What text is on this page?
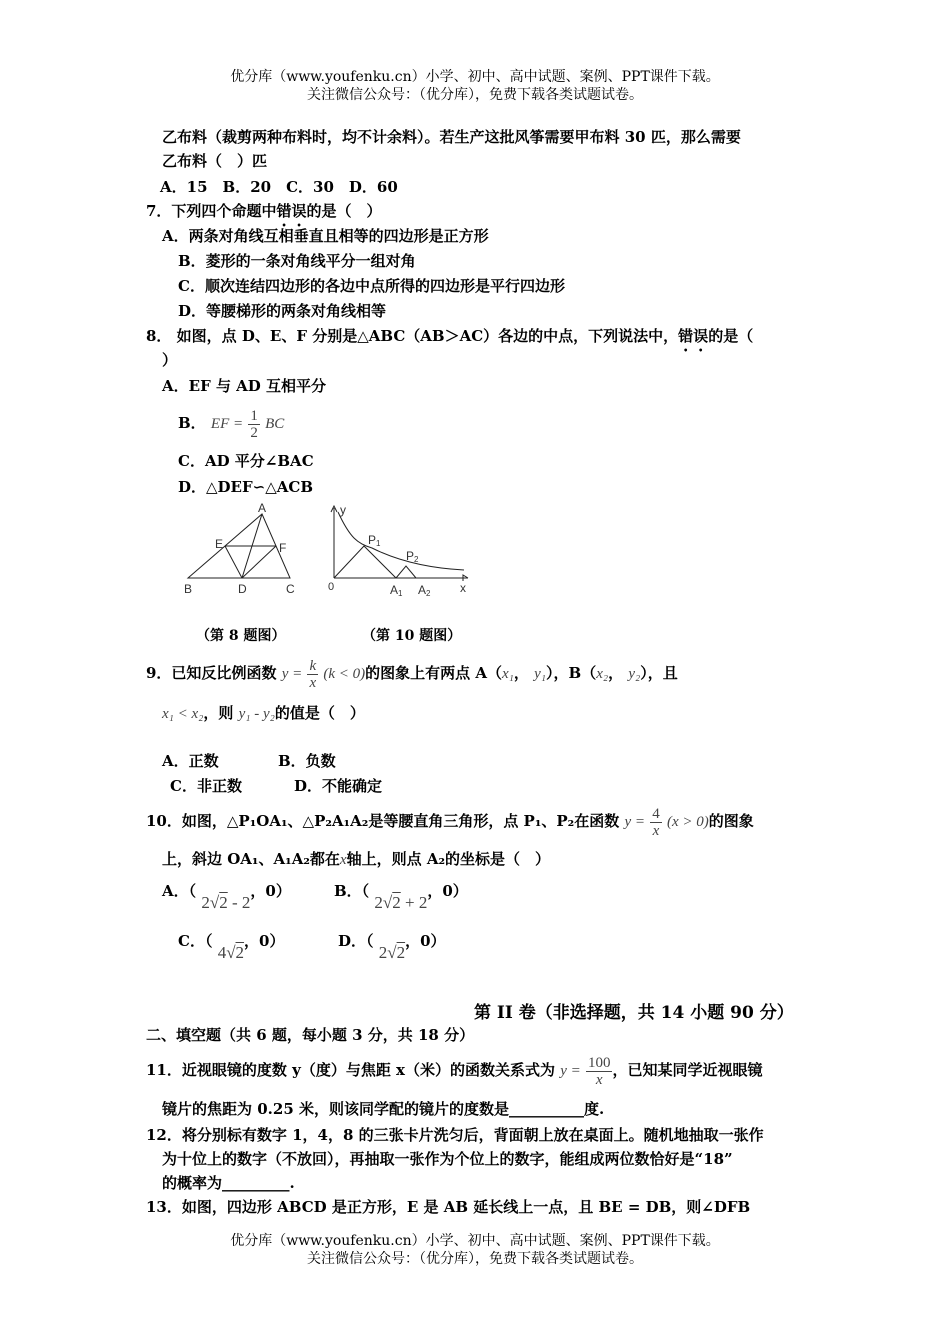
优分库（www.youfenku.cn）小学、初中、高中试题、案例、PPT课件下载。
关注微信公众号：（优分库），免费下载各类试题试卷。
乙布料（裁剪两种布料时，均不计余料）。若生产这批风筝需要甲布料 30 匹，那么需要
乙布料（　）匹
A．15　B．20　C．30　D．60
7．下列四个命题中错误的是（　）
A．两条对角线互相垂直且相等的四边形是正方形
B．菱形的一条对角线平分一组对角
C．顺次连结四边形的各边中点所得的四边形是平行四边形
D．等腰梯形的两条对角线相等
8． 如图，点 D、E、F 分别是△ABC（AB＞AC）各边的中点，下列说法中，错误的是（
）
A．EF 与 AD 互相平分
B． EF = $\frac{1}{2}$ BC
C．AD 平分∠BAC
D．△DEF∽△ACB
A
E	F
B	D	C	0
y
x
P1
P2
A1 A2
（第 8 题图）	（第 10 题图）
9．已知反比例函数 $y = \frac{k}{x} (k < 0)$的图象上有两点 A（x₁， y₁），B（x₂， y₂），且
x₁ < x₂，则 y₁ - y₂的值是（　）
A．正数	B．负数
C．非正数	D．不能确定
10．如图，△P₁OA₁、△P₂A₁A₂是等腰直角三角形，点 P₁、P₂在函数 $y = \frac{4}{x} (x > 0)$的图象
上，斜边 OA₁、A₁A₂都在x轴上，则点 A₂的坐标是（　）
A．（ 2√2 - 2，0）	B．（ 2√2 + 2，0）
C．（ 4√2，0）	D．（ 2√2，0）
第 II 卷（非选择题，共 14 小题 90 分）
二、填空题（共 6 题，每小题 3 分，共 18 分）
11．近视眼镜的度数 y（度）与焦距 x（米）的函数关系式为 $y = \frac{100}{x}$ ，已知某同学近视眼镜
镜片的焦距为 0.25 米，则该同学配的镜片的度数是__________度.
12．将分别标有数字 1，4，8 的三张卡片洗匀后，背面朝上放在桌面上。随机地抽取一张作
为十位上的数字（不放回），再抽取一张作为个位上的数字，能组成两位数恰好是“18”
的概率为_________.
13．如图，四边形 ABCD 是正方形，E 是 AB 延长线上一点，且 BE = DB，则∠DFB
优分库（www.youfenku.cn）小学、初中、高中试题、案例、PPT课件下载。
关注微信公众号：（优分库），免费下载各类试题试卷。
